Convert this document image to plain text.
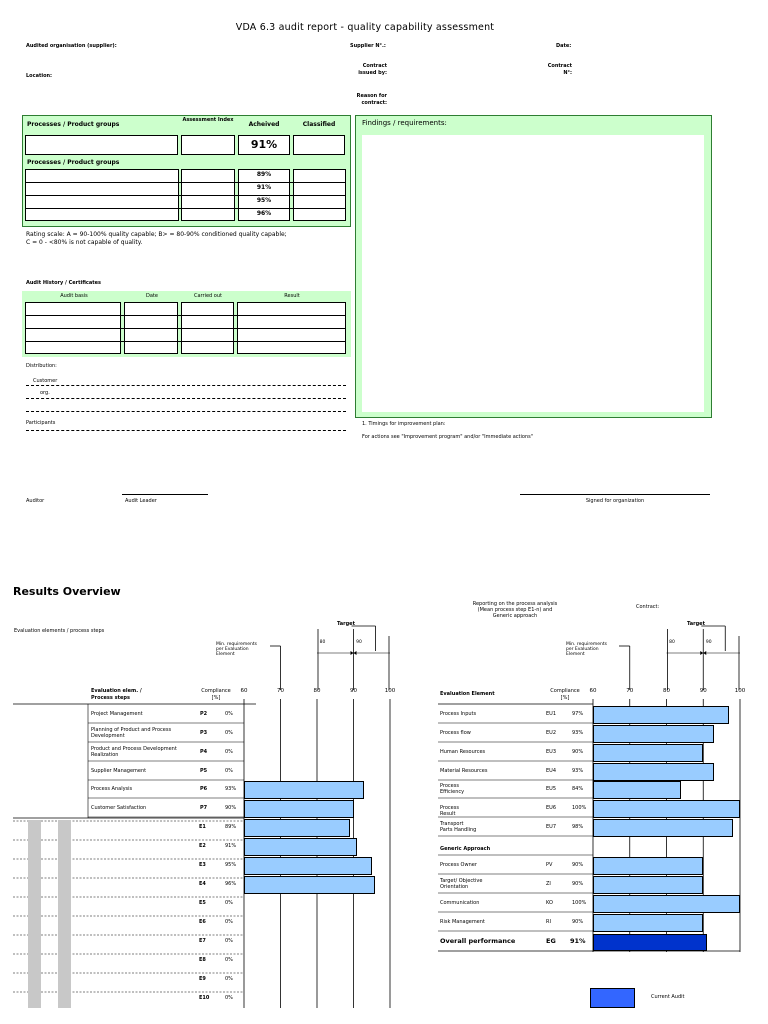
VDA 6.3 audit report - quality capability assessment
Audited organisation (supplier):	Supplier N°.:	Date:
Location:
Contract
issued by:
Contract
N°:
Reason for
contract:
Processes / Product groups
Assessment Index
Acheived	Classified
91%
Processes / Product groups
89%
91%
95%
96%
Rating scale: A = 90-100% quality capable; B> = 80-90% conditioned quality capable;
C = 0 - <80% is not capable of quality.
Findings / requirements:
1. Timings for improvement plan:
For actions see "Improvement program" and/or "Immediate actions"
Audit History / Certificates
Audit basis	Date	Carried out	Result
Distribution:
Customer
org.
Participants
Auditor	Audit Leader	Signed for organization
Results Overview
Evaluation elements / process steps
Target
Min. requirements
per Evaluation
Element
Evaluation elem. /
Process steps
Compliance
[%]
60	70	80	90	100
80	90
60	70	80	90	100
80	90
Project Management	P2	0%
Planning of Product and Process Development	P3	0%
Product and Process Development Realization	P4	0%
Supplier Management	P5	0%
Process Analysis	P6	93%
Customer Satisfaction	P7	90%
E1	89%
E2	91%
E3	95%
E4	96%
E5	0%
E6	0%
E7	0%
E8	0%
E9	0%
E10	0%
Reporting on the process analysis
(Mean process step E1-n) and
Generic approach
Contract:
Target
Min. requirements
per Evaluation
Element
Evaluation Element	Compliance
[%]
Process Inputs	EU1	97%
Process flow	EU2	93%
Human Resources	EU3	90%
Material Resources	EU4	93%
Process
Efficiency	EU5	84%
Process
Result
EU6	100%
Transport
Parts Handling	EU7	98%
Generic Approach
Process Owner	PV	90%
Target/ Objective
Orientation	ZI	90%
Communication	KO	100%
Risk Management	RI	90%
Overall performance	EG 91%
Current Audit
